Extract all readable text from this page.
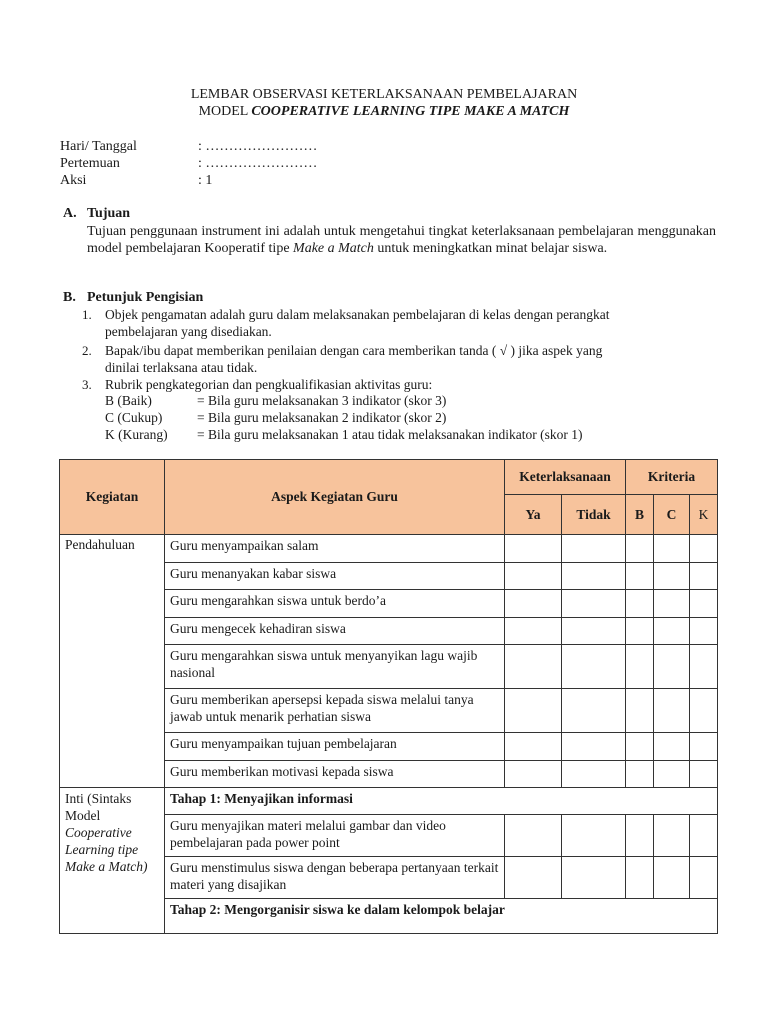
LEMBAR OBSERVASI KETERLAKSANAAN PEMBELAJARAN
MODEL COOPERATIVE LEARNING TIPE MAKE A MATCH
Hari/ Tanggal	: ……………………
Pertemuan	: ……………………
Aksi	: 1
A. Tujuan
Tujuan penggunaan instrument ini adalah untuk mengetahui tingkat keterlaksanaan pembelajaran menggunakan model pembelajaran Kooperatif tipe Make a Match untuk meningkatkan minat belajar siswa.
B. Petunjuk Pengisian
1. Objek pengamatan adalah guru dalam melaksanakan pembelajaran di kelas dengan perangkat
pembelajaran yang disediakan.
2. Bapak/ibu dapat memberikan penilaian dengan cara memberikan tanda ( √ ) jika aspek yang
dinilai terlaksana atau tidak.
3. Rubrik pengkategorian dan pengkualifikasian aktivitas guru:
B (Baik)	= Bila guru melaksanakan 3 indikator (skor 3)
C (Cukup)	= Bila guru melaksanakan 2 indikator (skor 2)
K (Kurang) = Bila guru melaksanakan 1 atau tidak melaksanakan indikator (skor 1)
Kegiatan	Aspek Kegiatan Guru	Keterlaksanaan		Kriteria		
		Ya	Tidak	B	C	K
Pendahuluan	Guru menyampaikan salam					
	Guru menanyakan kabar siswa					
	Guru mengarahkan siswa untuk berdo’a					
	Guru mengecek kehadiran siswa					
	Guru mengarahkan siswa untuk menyanyikan lagu wajib nasional					
	Guru memberikan apersepsi kepada siswa melalui tanya jawab untuk menarik perhatian siswa					
	Guru menyampaikan tujuan pembelajaran					
	Guru memberikan motivasi kepada siswa					

Inti (Sintaks
Model
Cooperative Learning tipe Make a Match)	Tahap 1: Menyajikan informasi					
	Guru menyajikan materi melalui gambar dan video pembelajaran pada power point					
	Guru menstimulus siswa dengan beberapa pertanyaan terkait materi yang disajikan					
	Tahap 2: Mengorganisir siswa ke dalam kelompok belajar					
